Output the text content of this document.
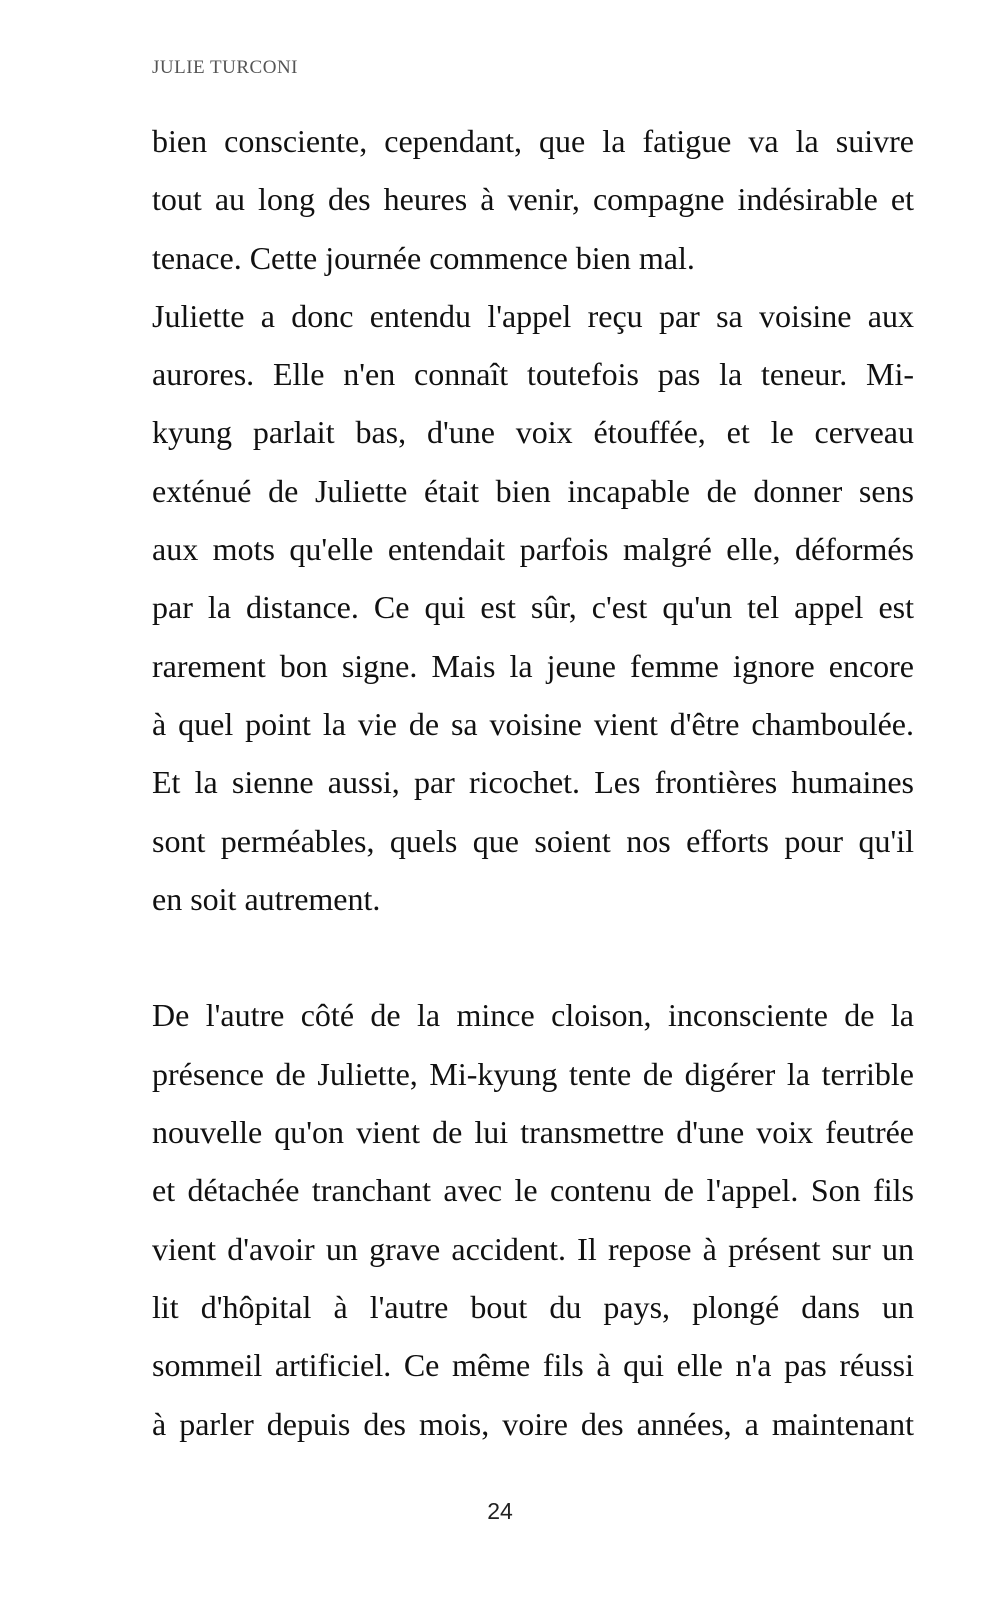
JULIE TURCONI
bien consciente, cependant, que la fatigue va la suivre
tout au long des heures à venir, compagne indésirable et
tenace. Cette journée commence bien mal.
Juliette a donc entendu l'appel reçu par sa voisine aux
aurores. Elle n'en connaît toutefois pas la teneur. Mi-
kyung parlait bas, d'une voix étouffée, et le cerveau
exténué de Juliette était bien incapable de donner sens
aux mots qu'elle entendait parfois malgré elle, déformés
par la distance. Ce qui est sûr, c'est qu'un tel appel est
rarement bon signe. Mais la jeune femme ignore encore
à quel point la vie de sa voisine vient d'être chamboulée.
Et la sienne aussi, par ricochet. Les frontières humaines
sont perméables, quels que soient nos efforts pour qu'il
en soit autrement.
De l'autre côté de la mince cloison, inconsciente de la
présence de Juliette, Mi-kyung tente de digérer la terrible
nouvelle qu'on vient de lui transmettre d'une voix feutrée
et détachée tranchant avec le contenu de l'appel. Son fils
vient d'avoir un grave accident. Il repose à présent sur un
lit d'hôpital à l'autre bout du pays, plongé dans un
sommeil artificiel. Ce même fils à qui elle n'a pas réussi
à parler depuis des mois, voire des années, a maintenant
24
